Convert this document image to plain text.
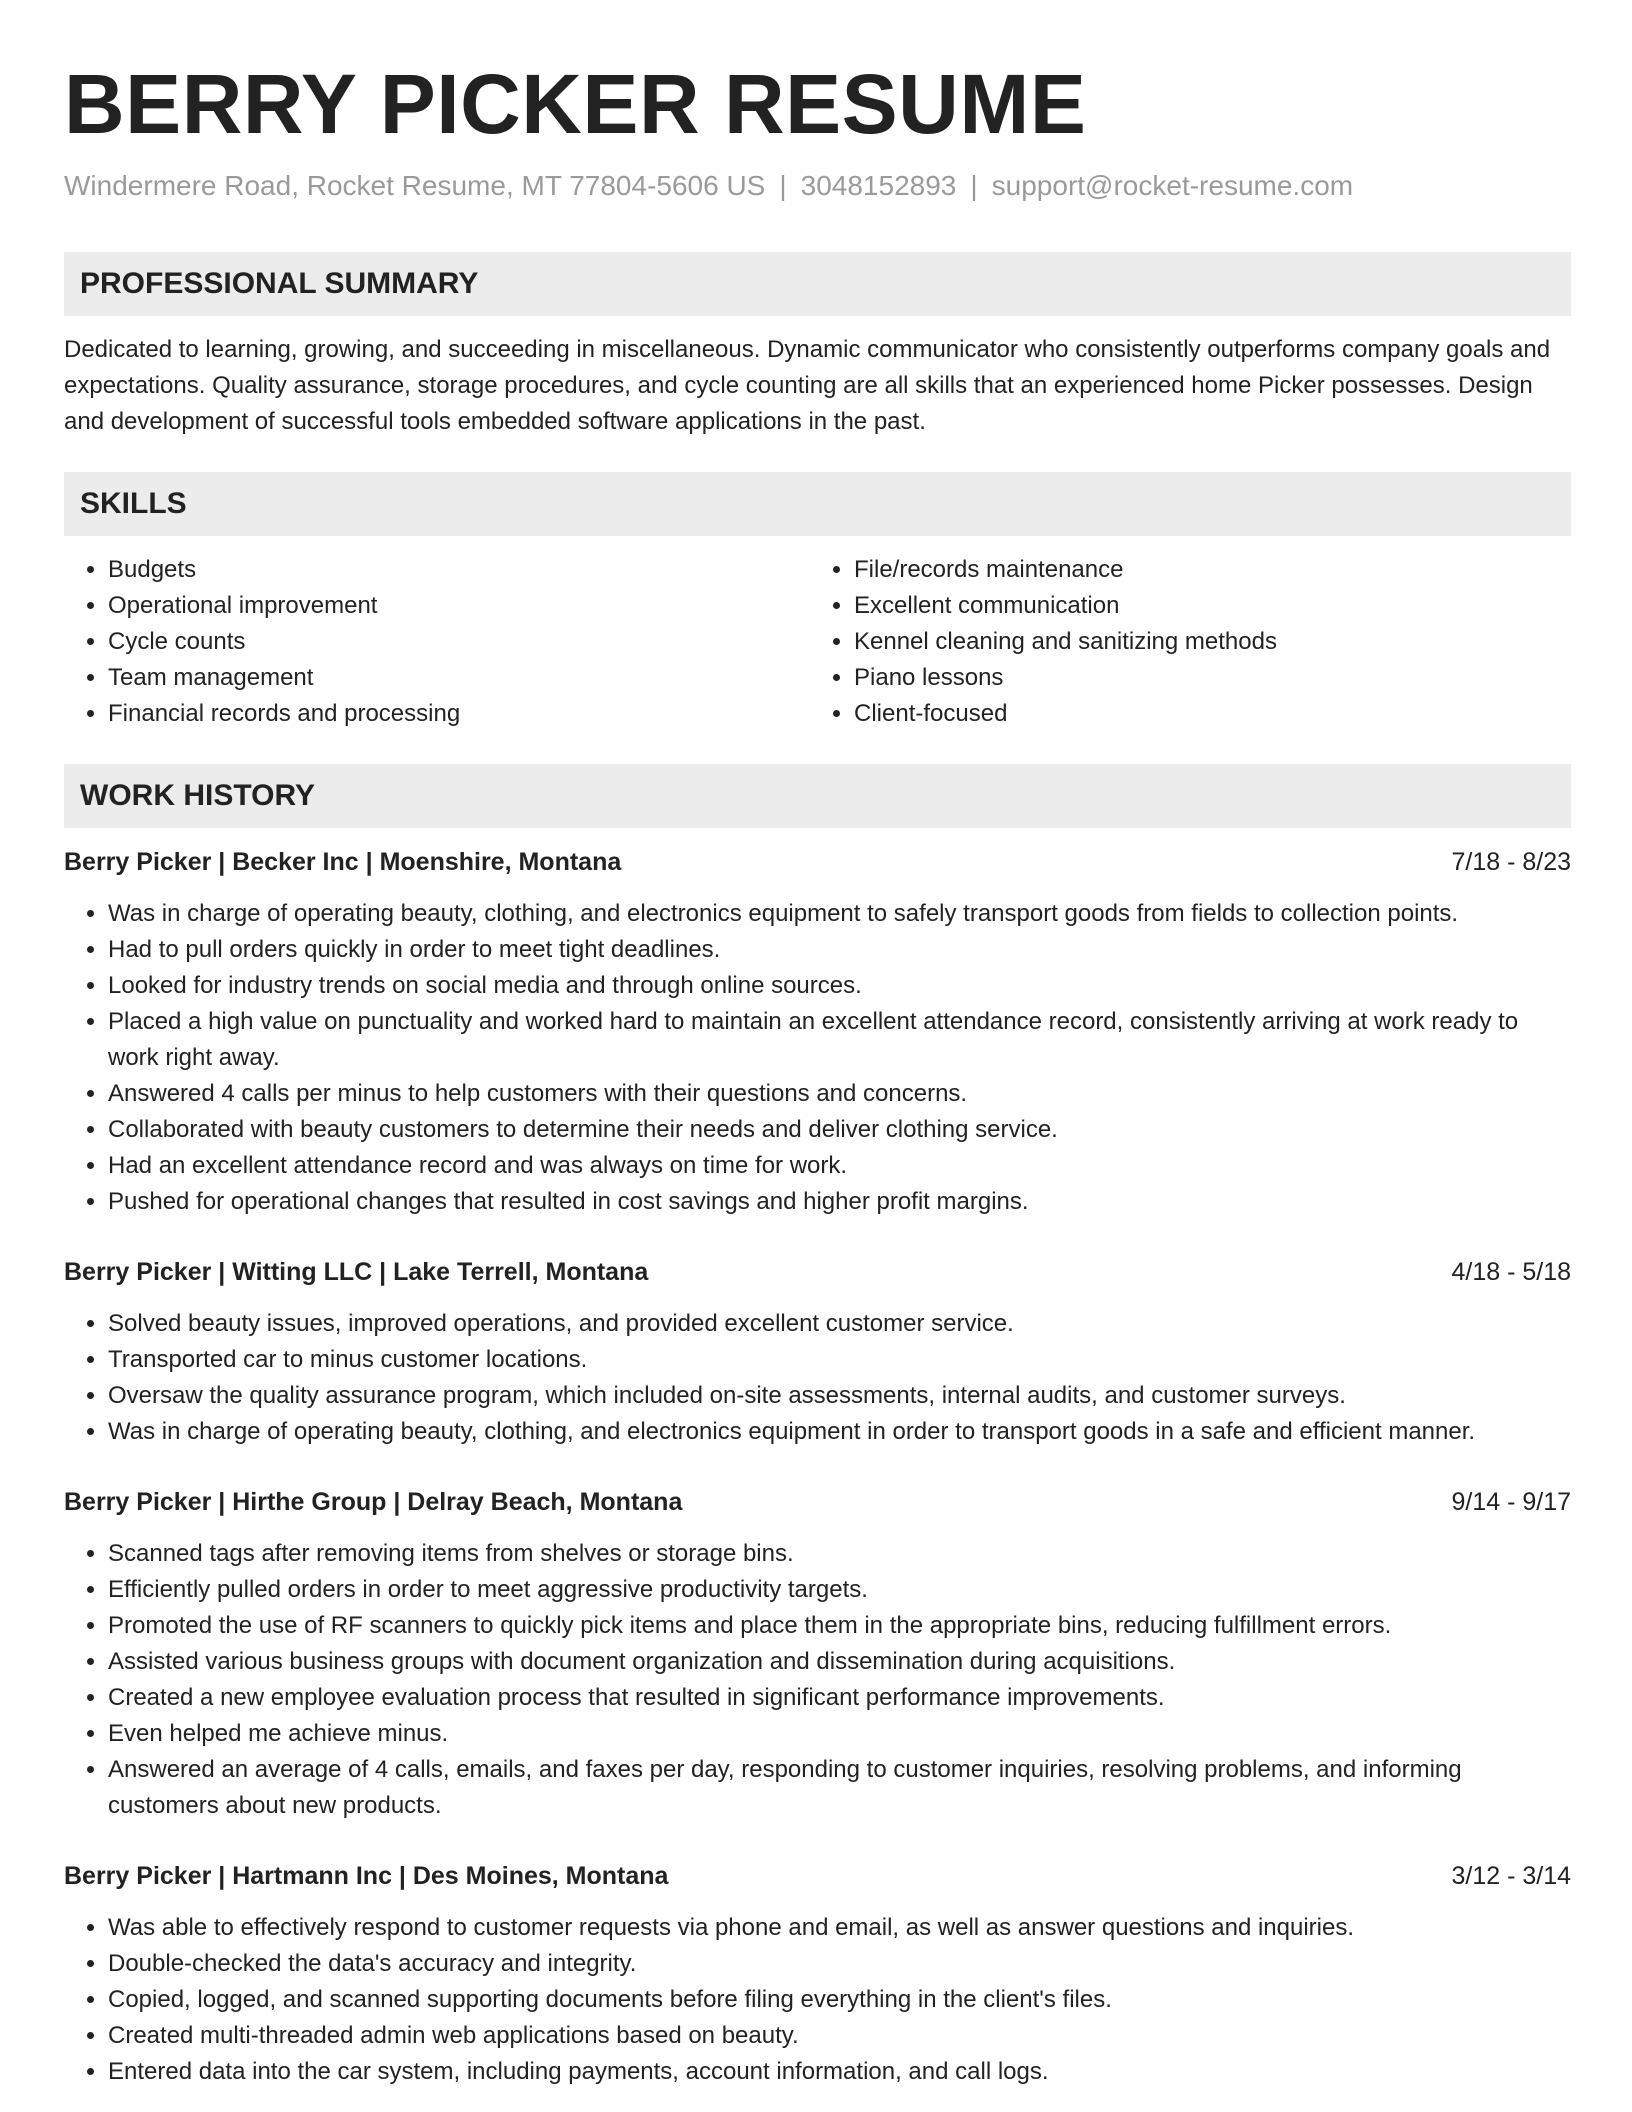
BERRY PICKER RESUME
Windermere Road, Rocket Resume, MT 77804-5606 US | 3048152893 | support@rocket-resume.com
PROFESSIONAL SUMMARY

Dedicated to learning, growing, and succeeding in miscellaneous. Dynamic communicator who consistently outperforms company goals and expectations. Quality assurance, storage procedures, and cycle counting are all skills that an experienced home Picker possesses. Design and development of successful tools embedded software applications in the past.

SKILLS
• Budgets
• Operational improvement
• Cycle counts
• Team management
• Financial records and processing
• File/records maintenance
• Excellent communication
• Kennel cleaning and sanitizing methods
• Piano lessons
• Client-focused
WORK HISTORY
Berry Picker | Becker Inc | Moenshire, Montana	7/18 - 8/23
• Was in charge of operating beauty, clothing, and electronics equipment to safely transport goods from fields to collection points.
• Had to pull orders quickly in order to meet tight deadlines.
• Looked for industry trends on social media and through online sources.
• Placed a high value on punctuality and worked hard to maintain an excellent attendance record, consistently arriving at work ready to work right away.
• Answered 4 calls per minus to help customers with their questions and concerns.
• Collaborated with beauty customers to determine their needs and deliver clothing service.
• Had an excellent attendance record and was always on time for work.
• Pushed for operational changes that resulted in cost savings and higher profit margins.
Berry Picker | Witting LLC | Lake Terrell, Montana	4/18 - 5/18
• Solved beauty issues, improved operations, and provided excellent customer service.
• Transported car to minus customer locations.
• Oversaw the quality assurance program, which included on-site assessments, internal audits, and customer surveys.
• Was in charge of operating beauty, clothing, and electronics equipment in order to transport goods in a safe and efficient manner.
Berry Picker | Hirthe Group | Delray Beach, Montana	9/14 - 9/17
• Scanned tags after removing items from shelves or storage bins.
• Efficiently pulled orders in order to meet aggressive productivity targets.
• Promoted the use of RF scanners to quickly pick items and place them in the appropriate bins, reducing fulfillment errors.
• Assisted various business groups with document organization and dissemination during acquisitions.
• Created a new employee evaluation process that resulted in significant performance improvements.
• Even helped me achieve minus.
• Answered an average of 4 calls, emails, and faxes per day, responding to customer inquiries, resolving problems, and informing customers about new products.
Berry Picker | Hartmann Inc | Des Moines, Montana	3/12 - 3/14
• Was able to effectively respond to customer requests via phone and email, as well as answer questions and inquiries.
• Double-checked the data's accuracy and integrity.
• Copied, logged, and scanned supporting documents before filing everything in the client's files.
• Created multi-threaded admin web applications based on beauty.
• Entered data into the car system, including payments, account information, and call logs.
